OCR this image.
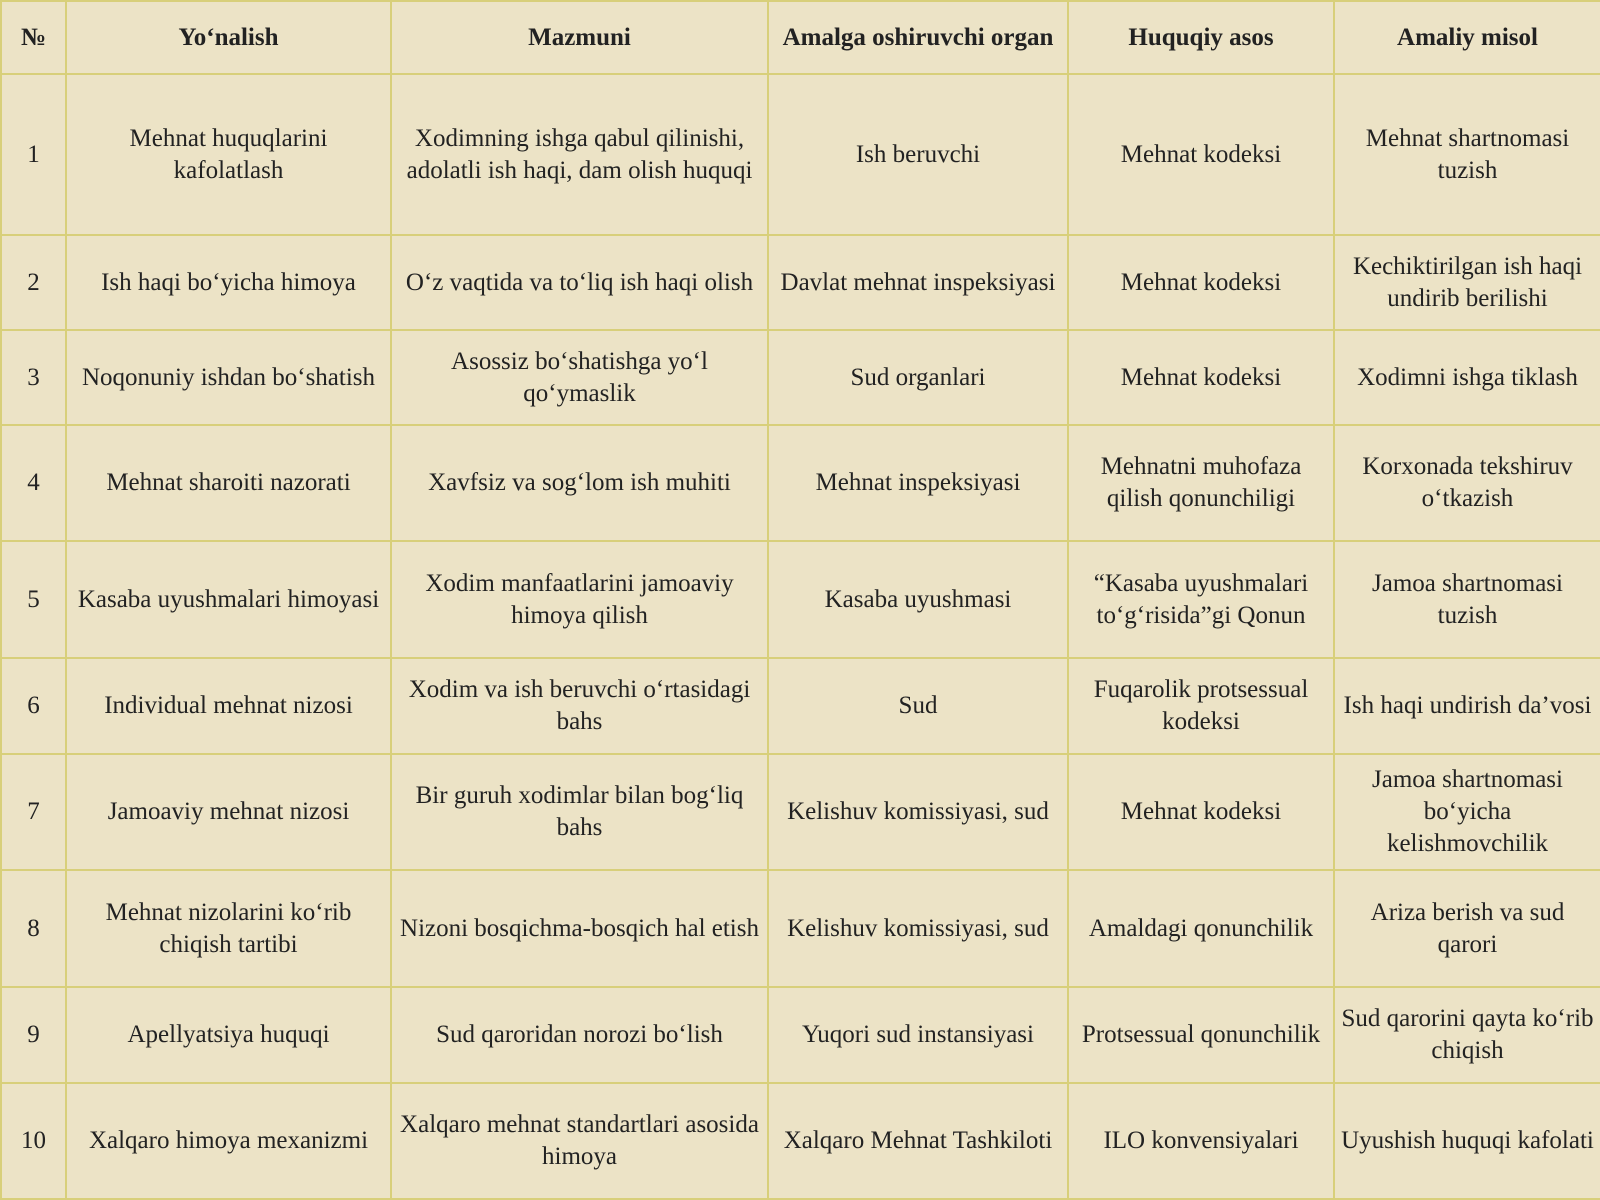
№	Yo‘nalish	Mazmuni	Amalga oshiruvchi organ	Huquqiy asos	Amaliy misol
1	Mehnat huquqlarini kafolatlash	Xodimning ishga qabul qilinishi, adolatli ish haqi, dam olish huquqi	Ish beruvchi	Mehnat kodeksi	Mehnat shartnomasi tuzish
2	Ish haqi bo‘yicha himoya	O‘z vaqtida va to‘liq ish haqi olish	Davlat mehnat inspeksiyasi	Mehnat kodeksi	Kechiktirilgan ish haqi undirib berilishi
3	Noqonuniy ishdan bo‘shatish	Asossiz bo‘shatishga yo‘l qo‘ymaslik	Sud organlari	Mehnat kodeksi	Xodimni ishga tiklash
4	Mehnat sharoiti nazorati	Xavfsiz va sog‘lom ish muhiti	Mehnat inspeksiyasi	Mehnatni muhofaza qilish qonunchiligi	Korxonada tekshiruv o‘tkazish
5	Kasaba uyushmalari himoyasi	Xodim manfaatlarini jamoaviy himoya qilish	Kasaba uyushmasi	“Kasaba uyushmalari to‘g‘risida”gi Qonun	Jamoa shartnomasi tuzish
6	Individual mehnat nizosi	Xodim va ish beruvchi o‘rtasidagi bahs	Sud	Fuqarolik protsessual kodeksi	Ish haqi undirish da’vosi
7	Jamoaviy mehnat nizosi	Bir guruh xodimlar bilan bog‘liq bahs	Kelishuv komissiyasi, sud	Mehnat kodeksi	Jamoa shartnomasi bo‘yicha kelishmovchilik
8	Mehnat nizolarini ko‘rib chiqish tartibi	Nizoni bosqichma-bosqich hal etish	Kelishuv komissiyasi, sud	Amaldagi qonunchilik	Ariza berish va sud qarori
9	Apellyatsiya huquqi	Sud qaroridan norozi bo‘lish	Yuqori sud instansiyasi	Protsessual qonunchilik	Sud qarorini qayta ko‘rib chiqish
10	Xalqaro himoya mexanizmi	Xalqaro mehnat standartlari asosida himoya	Xalqaro Mehnat Tashkiloti	ILO konvensiyalari	Uyushish huquqi kafolati
